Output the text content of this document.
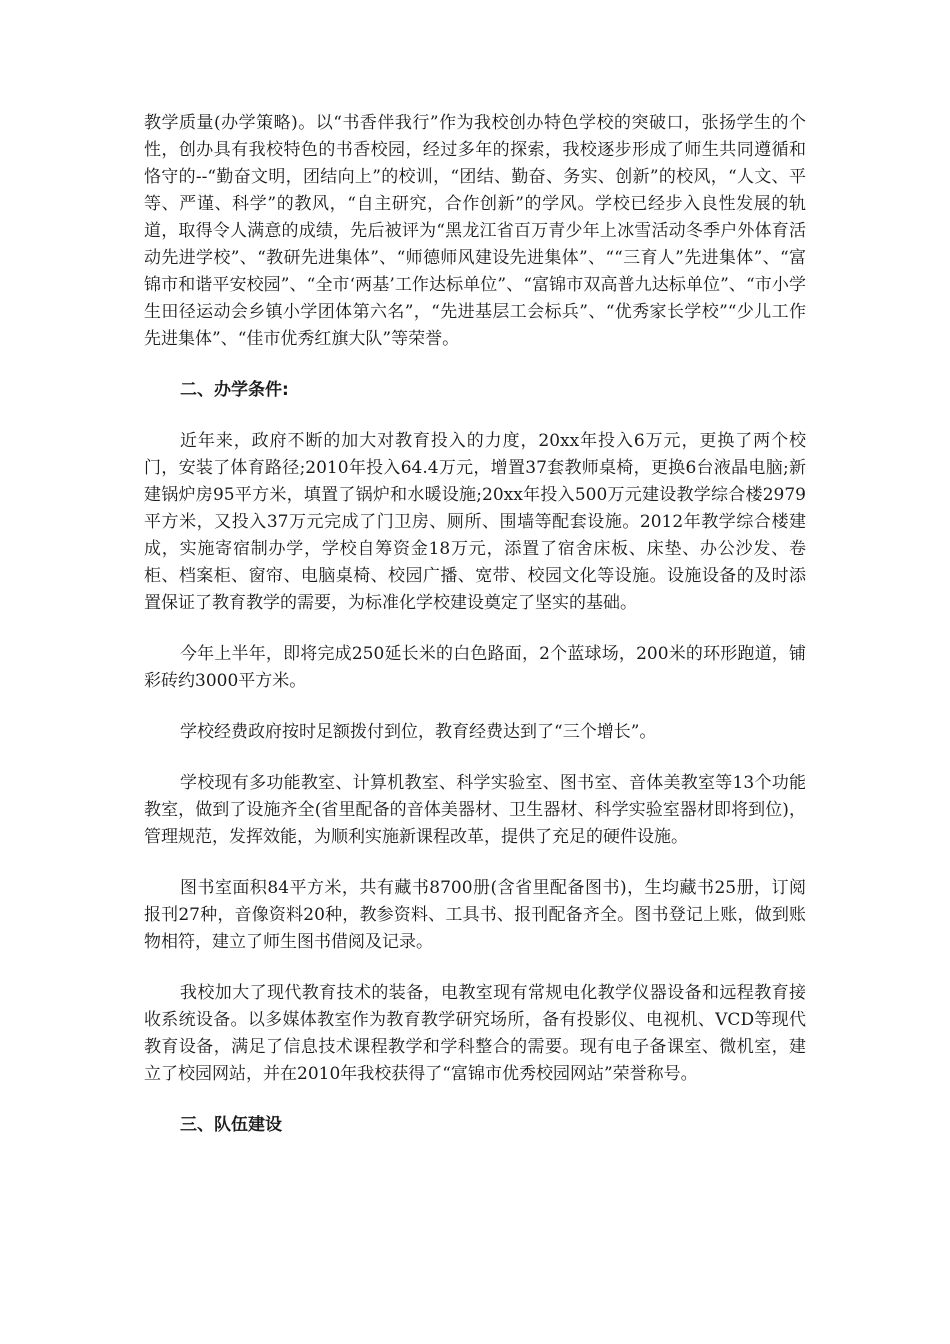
教学质量(办学策略)。以“书香伴我行”作为我校创办特色学校的突破口，张扬学生的个性，创办具有我校特色的书香校园，经过多年的探索，我校逐步形成了师生共同遵循和恪守的--“勤奋文明，团结向上”的校训，“团结、勤奋、务实、创新”的校风，“人文、平等、严谨、科学”的教风，“自主研究，合作创新”的学风。学校已经步入良性发展的轨道，取得令人满意的成绩，先后被评为“黑龙江省百万青少年上冰雪活动冬季户外体育活动先进学校”、“教研先进集体”、“师德师风建设先进集体”、““三育人”先进集体”、“富锦市和谐平安校园”、“全市‘两基’工作达标单位”、“富锦市双高普九达标单位”、“市小学生田径运动会乡镇小学团体第六名”，“先进基层工会标兵”、“优秀家长学校”“少儿工作先进集体”、“佳市优秀红旗大队”等荣誉。

二、办学条件:

近年来，政府不断的加大对教育投入的力度，20xx年投入6万元，更换了两个校门，安装了体育路径;2010年投入64.4万元，增置37套教师桌椅，更换6台液晶电脑;新建锅炉房95平方米，填置了锅炉和水暖设施;20xx年投入500万元建设教学综合楼2979平方米，又投入37万元完成了门卫房、厕所、围墙等配套设施。2012年教学综合楼建成，实施寄宿制办学，学校自筹资金18万元，添置了宿舍床板、床垫、办公沙发、卷柜、档案柜、窗帘、电脑桌椅、校园广播、宽带、校园文化等设施。设施设备的及时添置保证了教育教学的需要，为标准化学校建设奠定了坚实的基础。

今年上半年，即将完成250延长米的白色路面，2个蓝球场，200米的环形跑道，铺彩砖约3000平方米。

学校经费政府按时足额拨付到位，教育经费达到了“三个增长”。

学校现有多功能教室、计算机教室、科学实验室、图书室、音体美教室等13个功能教室，做到了设施齐全(省里配备的音体美器材、卫生器材、科学实验室器材即将到位)，管理规范，发挥效能，为顺利实施新课程改革，提供了充足的硬件设施。

图书室面积84平方米，共有藏书8700册(含省里配备图书)，生均藏书25册，订阅报刊27种，音像资料20种，教参资料、工具书、报刊配备齐全。图书登记上账，做到账物相符，建立了师生图书借阅及记录。

我校加大了现代教育技术的装备，电教室现有常规电化教学仪器设备和远程教育接收系统设备。以多媒体教室作为教育教学研究场所，备有投影仪、电视机、VCD等现代教育设备，满足了信息技术课程教学和学科整合的需要。现有电子备课室、微机室，建立了校园网站，并在2010年我校获得了“富锦市优秀校园网站”荣誉称号。

三、队伍建设
